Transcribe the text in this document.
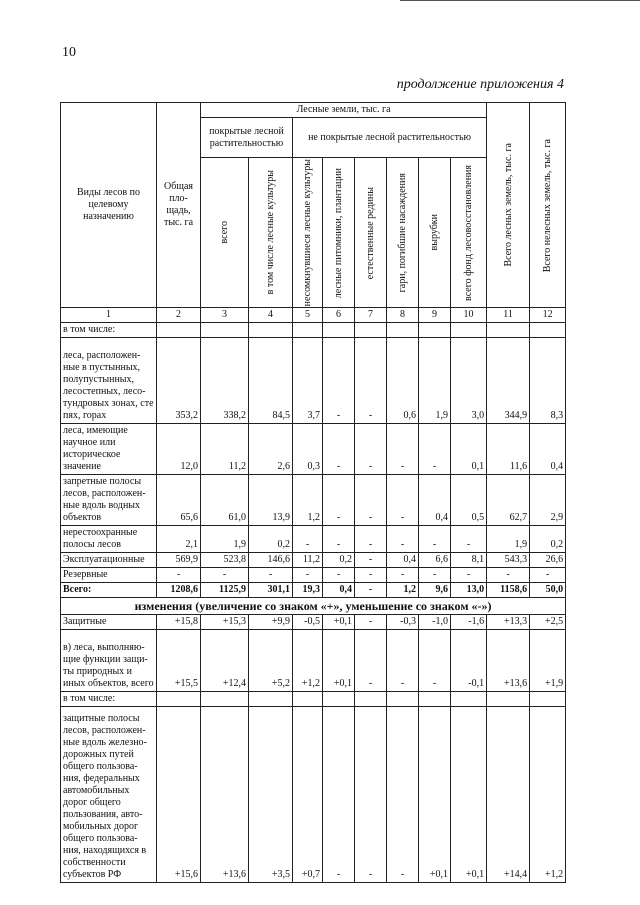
10
продолжение приложения 4
Виды лесов по целевому назначению	Общая пло-щадь, тыс. га	Лесные земли, тыс. га								Всего лесных земель, тыс. га	Всего нелесных земель, тыс. га

		покрытые лесной растительностью		не покрытые лесной растительностью							

		всего	в том числе лесные культуры	несомкнувшиеся лесные культуры	лесные питомники, плантации	естественные редины	гари, погибшие насаждения	вырубки	всего фонд лесовосстановления		

1	2	3	4	5	6	7	8	9	10	11	12
в том числе:											
леса, расположен-ные в пустынных, полупустынных, лесостепных, лесо-тундровых зонах, сте пях, горах	353,2	338,2	84,5	3,7	-	-	0,6	1,9	3,0	344,9	8,3
леса, имеющие научное или историческое значение	12,0	11,2	2,6	0,3	-	-	-	-	0,1	11,6	0,4
запретные полосы лесов, расположен-ные вдоль водных объектов	65,6	61,0	13,9	1,2	-	-	-	0,4	0,5	62,7	2,9
нерестоохранные полосы лесов	2,1	1,9	0,2	-	-	-	-	-	-	1,9	0,2
Эксплуатационные	569,9	523,8	146,6	11,2	0,2	-	0,4	6,6	8,1	543,3	26,6
Резервные	-	-	-	-	-	-	-	-	-	-	-
Всего:	1208,6	1125,9	301,1	19,3	0,4	-	1,2	9,6	13,0	1158,6	50,0
изменения (увеличение со знаком «+», уменьшение со знаком «-»)											
Защитные	+15,8	+15,3	+9,9	-0,5	+0,1	-	-0,3	-1,0	-1,6	+13,3	+2,5
в) леса, выполняю-щие функции защи-ты природных и иных объектов, всего	+15,5	+12,4	+5,2	+1,2	+0,1	-	-	-	-0,1	+13,6	+1,9
в том числе:											
защитные полосы лесов, расположен-ные вдоль железно-дорожных путей общего пользова-ния, федеральных автомобильных дорог общего пользования, авто-мобильных дорог общего пользова-ния, находящихся в собственности субъектов РФ	+15,6	+13,6	+3,5	+0,7	-	-	-	+0,1	+0,1	+14,4	+1,2
